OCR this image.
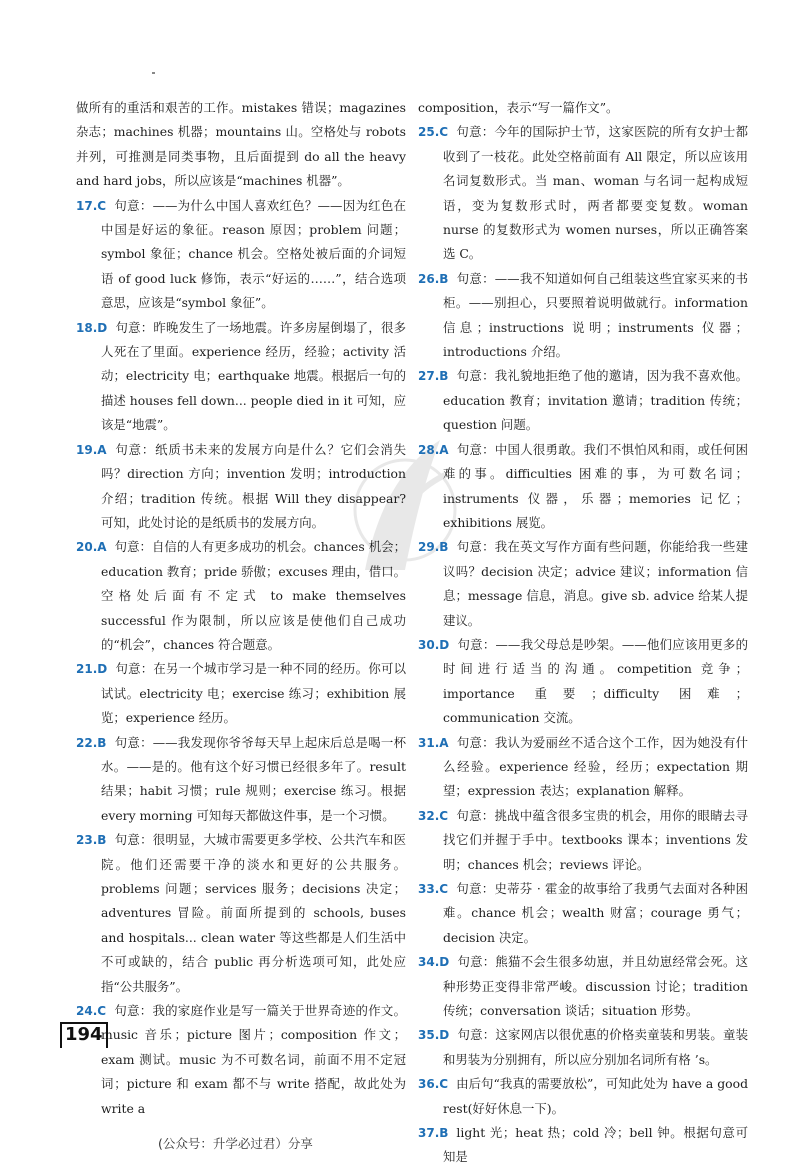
做所有的重活和艰苦的工作。mistakes 错误；magazines 杂志；machines 机器；mountains 山。空格处与 robots 并列，可推测是同类事物，且后面提到 do all the heavy and hard jobs，所以应该是“machines 机器”。

17.C 句意：——为什么中国人喜欢红色？——因为红色在中国是好运的象征。reason 原因；problem 问题；symbol 象征；chance 机会。空格处被后面的介词短语 of good luck 修饰，表示“好运的……”，结合选项意思，应该是“symbol 象征”。

18.D 句意：昨晚发生了一场地震。许多房屋倒塌了，很多人死在了里面。experience 经历，经验；activity 活动；electricity 电；earthquake 地震。根据后一句的描述 houses fell down... people died in it 可知，应该是“地震”。

19.A 句意：纸质书未来的发展方向是什么？它们会消失吗？direction 方向；invention 发明；introduction 介绍；tradition 传统。根据 Will they disappear? 可知，此处讨论的是纸质书的发展方向。

20.A 句意：自信的人有更多成功的机会。chances 机会；education 教育；pride 骄傲；excuses 理由，借口。空格处后面有不定式 to make themselves successful 作为限制，所以应该是使他们自己成功的“机会”，chances 符合题意。

21.D 句意：在另一个城市学习是一种不同的经历。你可以试试。electricity 电；exercise 练习；exhibition 展览；experience 经历。

22.B 句意：——我发现你爷爷每天早上起床后总是喝一杯水。——是的。他有这个好习惯已经很多年了。result 结果；habit 习惯；rule 规则；exercise 练习。根据 every morning 可知每天都做这件事，是一个习惯。

23.B 句意：很明显，大城市需要更多学校、公共汽车和医院。他们还需要干净的淡水和更好的公共服务。problems 问题；services 服务；decisions 决定；adventures 冒险。前面所提到的 schools, buses and hospitals... clean water 等这些都是人们生活中不可或缺的，结合 public 再分析选项可知，此处应指“公共服务”。

24.C 句意：我的家庭作业是写一篇关于世界奇迹的作文。music 音乐；picture 图片；composition 作文；exam 测试。music 为不可数名词，前面不用不定冠词；picture 和 exam 都不与 write 搭配，故此处为 write a

composition，表示“写一篇作文”。

25.C 句意：今年的国际护士节，这家医院的所有女护士都收到了一枝花。此处空格前面有 All 限定，所以应该用名词复数形式。当 man、woman 与名词一起构成短语，变为复数形式时，两者都要变复数。woman nurse 的复数形式为 women nurses，所以正确答案选 C。

26.B 句意：——我不知道如何自己组装这些宜家买来的书柜。——别担心，只要照着说明做就行。information 信息；instructions 说明；instruments 仪器；introductions 介绍。

27.B 句意：我礼貌地拒绝了他的邀请，因为我不喜欢他。education 教育；invitation 邀请；tradition 传统；question 问题。

28.A 句意：中国人很勇敢。我们不惧怕风和雨，或任何困难的事。difficulties 困难的事，为可数名词；instruments 仪器，乐器；memories 记忆；exhibitions 展览。

29.B 句意：我在英文写作方面有些问题，你能给我一些建议吗？decision 决定；advice 建议；information 信息；message 信息，消息。give sb. advice 给某人提建议。

30.D 句意：——我父母总是吵架。——他们应该用更多的时间进行适当的沟通。competition 竞争；importance 重要；difficulty 困难；communication 交流。

31.A 句意：我认为爱丽丝不适合这个工作，因为她没有什么经验。experience 经验，经历；expectation 期望；expression 表达；explanation 解释。

32.C 句意：挑战中蕴含很多宝贵的机会，用你的眼睛去寻找它们并握于手中。textbooks 课本；inventions 发明；chances 机会；reviews 评论。

33.C 句意：史蒂芬 · 霍金的故事给了我勇气去面对各种困难。chance 机会；wealth 财富；courage 勇气；decision 决定。

34.D 句意：熊猫不会生很多幼崽，并且幼崽经常会死。这种形势正变得非常严峻。discussion 讨论；tradition 传统；conversation 谈话；situation 形势。

35.D 句意：这家网店以很优惠的价格卖童装和男装。童装和男装为分别拥有，所以应分别加名词所有格 ’s。

36.C 由后句“我真的需要放松”，可知此处为 have a good rest(好好休息一下)。

37.B light 光；heat 热；cold 冷；bell 钟。根据句意可知是

194
(公众号：升学必过君）分享
